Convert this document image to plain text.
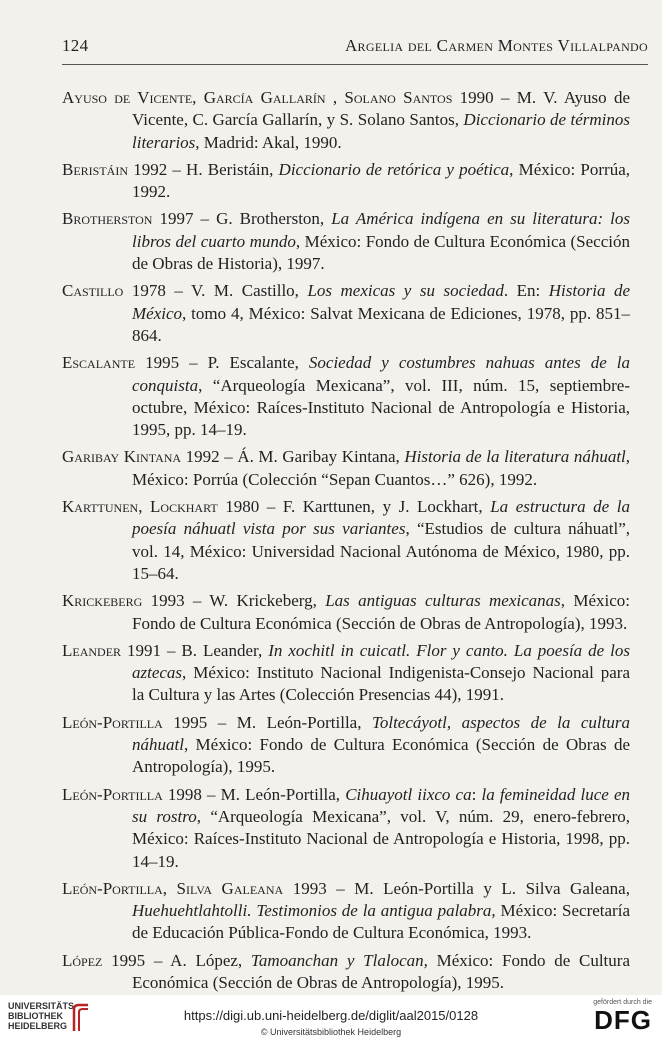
124	Argelia del Carmen Montes Villalpando

Ayuso de Vicente, García Gallarín , Solano Santos 1990 – M. V. Ayuso de Vicente, C. García Gallarín, y S. Solano Santos, Diccionario de términos literarios, Madrid: Akal, 1990.

Beristáin 1992 – H. Beristáin, Diccionario de retórica y poética, México: Porrúa, 1992.

Brotherston 1997 – G. Brotherston, La América indígena en su literatura: los libros del cuarto mundo, México: Fondo de Cultura Económica (Sección de Obras de Historia), 1997.

Castillo 1978 – V. M. Castillo, Los mexicas y su sociedad. En: Historia de México, tomo 4, México: Salvat Mexicana de Ediciones, 1978, pp. 851–864.

Escalante 1995 – P. Escalante, Sociedad y costumbres nahuas antes de la conquista, “Arqueología Mexicana”, vol. III, núm. 15, septiembre-octubre, México: Raíces-Instituto Nacional de Antropología e Historia, 1995, pp. 14–19.

Garibay Kintana 1992 – Á. M. Garibay Kintana, Historia de la literatura náhuatl, México: Porrúa (Colección “Sepan Cuantos…” 626), 1992.

Karttunen, Lockhart 1980 – F. Karttunen, y J. Lockhart, La estructura de la poesía náhuatl vista por sus variantes, “Estudios de cultura náhuatl”, vol. 14, México: Universidad Nacional Autónoma de México, 1980, pp. 15–64.

Krickeberg 1993 – W. Krickeberg, Las antiguas culturas mexicanas, México: Fondo de Cultura Económica (Sección de Obras de Antropología), 1993.

Leander 1991 – B. Leander, In xochitl in cuicatl. Flor y canto. La poesía de los aztecas, México: Instituto Nacional Indigenista-Consejo Nacional para la Cultura y las Artes (Colección Presencias 44), 1991.

León-Portilla 1995 – M. León-Portilla, Toltecáyotl, aspectos de la cultura náhuatl, México: Fondo de Cultura Económica (Sección de Obras de Antropología), 1995.

León-Portilla 1998 – M. León-Portilla, Cihuayotl iixco ca: la femineidad luce en su rostro, “Arqueología Mexicana”, vol. V, núm. 29, enero-febrero, México: Raíces-Instituto Nacional de Antropología e Historia, 1998, pp. 14–19.

León-Portilla, Silva Galeana 1993 – M. León-Portilla y L. Silva Galeana, Huehuehtlahtolli. Testimonios de la antigua palabra, México: Secretaría de Educación Pública-Fondo de Cultura Económica, 1993.

López 1995 – A. López, Tamoanchan y Tlalocan, México: Fondo de Cultura Económica (Sección de Obras de Antropología), 1995.

UNIVERSITÄTS-
BIBLIOTHEK
HEIDELBERG
https://digi.ub.uni-heidelberg.de/diglit/aal2015/0128
© Universitätsbibliothek Heidelberg
gefördert durch die
DFG
